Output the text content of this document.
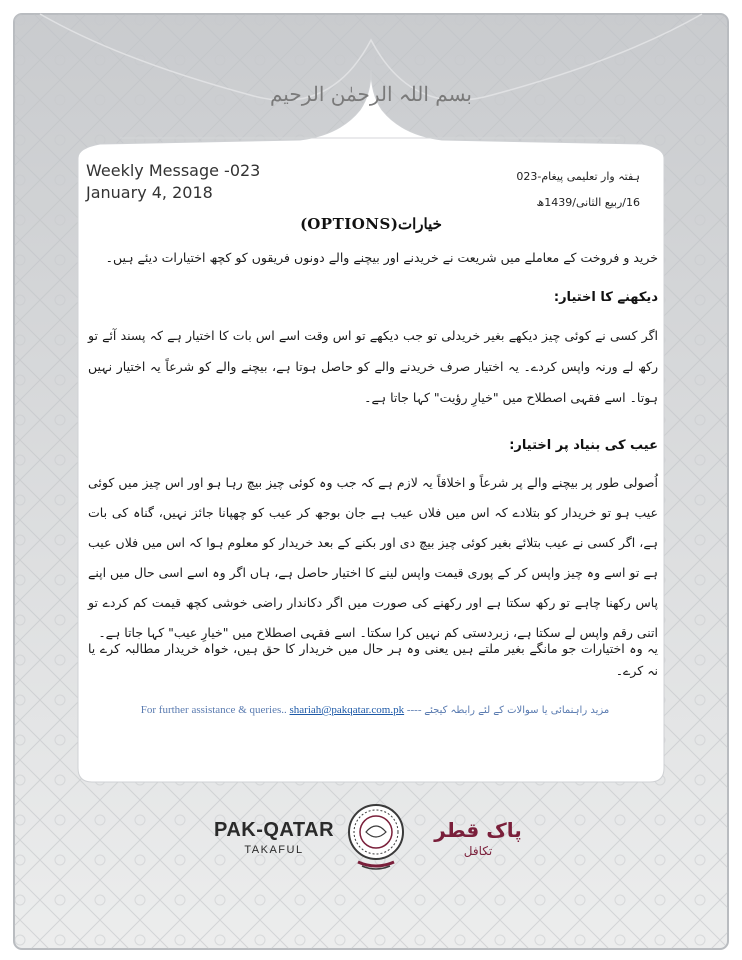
بسم اللہ الرحمٰن الرحیم
Weekly Message -023
January 4, 2018
ہفتہ وار تعلیمی پیغام-023
16/ربیع الثانی/1439ھ
خیارات(OPTIONS)
خرید و فروخت کے معاملے میں شریعت نے خریدنے اور بیچنے والے دونوں فریقوں کو کچھ اختیارات دیئے ہیں۔
دیکھنے کا اختیار:
اگر کسی نے کوئی چیز دیکھے بغیر خریدلی تو جب دیکھے تو اس وقت اسے اس بات کا اختیار ہے کہ پسند آئے تو رکھ لے ورنہ واپس کردے۔ یہ اختیار صرف خریدنے والے کو حاصل ہوتا ہے، بیچنے والے کو شرعاً یہ اختیار نہیں ہوتا۔ اسے فقہی اصطلاح میں "خیارِ رؤیت" کہا جاتا ہے۔
عیب کی بنیاد پر اختیار:
اُصولی طور پر بیچنے والے پر شرعاً و اخلاقاً یہ لازم ہے کہ جب وہ کوئی چیز بیچ رہا ہو اور اس چیز میں کوئی عیب ہو تو خریدار کو بتلادے کہ اس میں فلاں عیب ہے جان بوجھ کر عیب کو چھپانا جائز نہیں، گناہ کی بات ہے، اگر کسی نے عیب بتلائے بغیر کوئی چیز بیچ دی اور بکنے کے بعد خریدار کو معلوم ہوا کہ اس میں فلاں عیب ہے تو اسے وہ چیز واپس کر کے پوری قیمت واپس لینے کا اختیار حاصل ہے، ہاں اگر وہ اسے اسی حال میں اپنے پاس رکھنا چاہے تو رکھ سکتا ہے اور رکھنے کی صورت میں اگر دکاندار راضی خوشی کچھ قیمت کم کردے تو اتنی رقم واپس لے سکتا ہے، زبردستی کم نہیں کرا سکتا۔ اسے فقہی اصطلاح میں "خیارِ عیب" کہا جاتا ہے۔
یہ وہ اختیارات جو مانگے بغیر ملتے ہیں یعنی وہ ہر حال میں خریدار کا حق ہیں، خواہ خریدار مطالبہ کرے یا نہ کرے۔
For further assistance & queries.. shariah@pakqatar.com.pk ---- مزید راہنمائی یا سوالات کے لئے رابطہ کیجئے
PAK-QATAR
TAKAFUL
پاک قطر
تکافل
